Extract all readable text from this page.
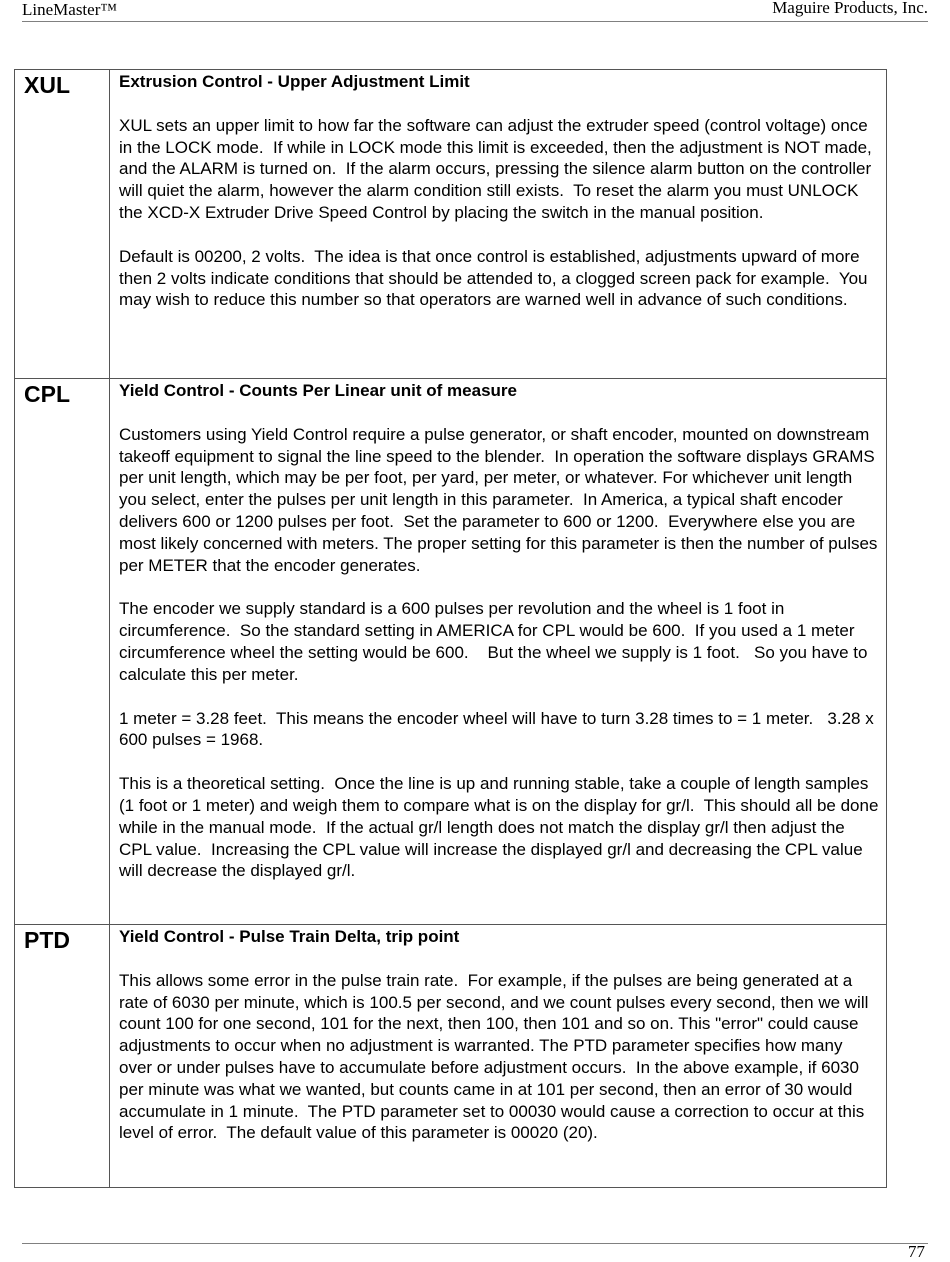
LineMaster™	Maguire Products, Inc.
XUL	Extrusion Control - Upper Adjustment Limit
XUL sets an upper limit to how far the software can adjust the extruder speed (control voltage) once in the LOCK mode.  If while in LOCK mode this limit is exceeded, then the adjustment is NOT made, and the ALARM is turned on.  If the alarm occurs, pressing the silence alarm button on the controller will quiet the alarm, however the alarm condition still exists.  To reset the alarm you must UNLOCK the XCD-X Extruder Drive Speed Control by placing the switch in the manual position.
Default is 00200, 2 volts.  The idea is that once control is established, adjustments upward of more then 2 volts indicate conditions that should be attended to, a clogged screen pack for example.  You may wish to reduce this number so that operators are warned well in advance of such conditions.

CPL	Yield Control - Counts Per Linear unit of measure
Customers using Yield Control require a pulse generator, or shaft encoder, mounted on downstream takeoff equipment to signal the line speed to the blender.  In operation the software displays GRAMS per unit length, which may be per foot, per yard, per meter, or whatever. For whichever unit length you select, enter the pulses per unit length in this parameter.  In America, a typical shaft encoder delivers 600 or 1200 pulses per foot.  Set the parameter to 600 or 1200.  Everywhere else you are most likely concerned with meters. The proper setting for this parameter is then the number of pulses per METER that the encoder generates.
The encoder we supply standard is a 600 pulses per revolution and the wheel is 1 foot in circumference.  So the standard setting in AMERICA for CPL would be 600.  If you used a 1 meter circumference wheel the setting would be 600.    But the wheel we supply is 1 foot.   So you have to calculate this per meter.
1 meter = 3.28 feet.  This means the encoder wheel will have to turn 3.28 times to = 1 meter.   3.28 x 600 pulses = 1968.
This is a theoretical setting.  Once the line is up and running stable, take a couple of length samples (1 foot or 1 meter) and weigh them to compare what is on the display for gr/l.  This should all be done while in the manual mode.  If the actual gr/l length does not match the display gr/l then adjust the CPL value.  Increasing the CPL value will increase the displayed gr/l and decreasing the CPL value will decrease the displayed gr/l.

PTD	Yield Control - Pulse Train Delta, trip point
This allows some error in the pulse train rate.  For example, if the pulses are being generated at a rate of 6030 per minute, which is 100.5 per second, and we count pulses every second, then we will count 100 for one second, 101 for the next, then 100, then 101 and so on. This "error" could cause adjustments to occur when no adjustment is warranted. The PTD parameter specifies how many over or under pulses have to accumulate before adjustment occurs.  In the above example, if 6030 per minute was what we wanted, but counts came in at 101 per second, then an error of 30 would accumulate in 1 minute.  The PTD parameter set to 00030 would cause a correction to occur at this level of error.  The default value of this parameter is 00020 (20).
77
